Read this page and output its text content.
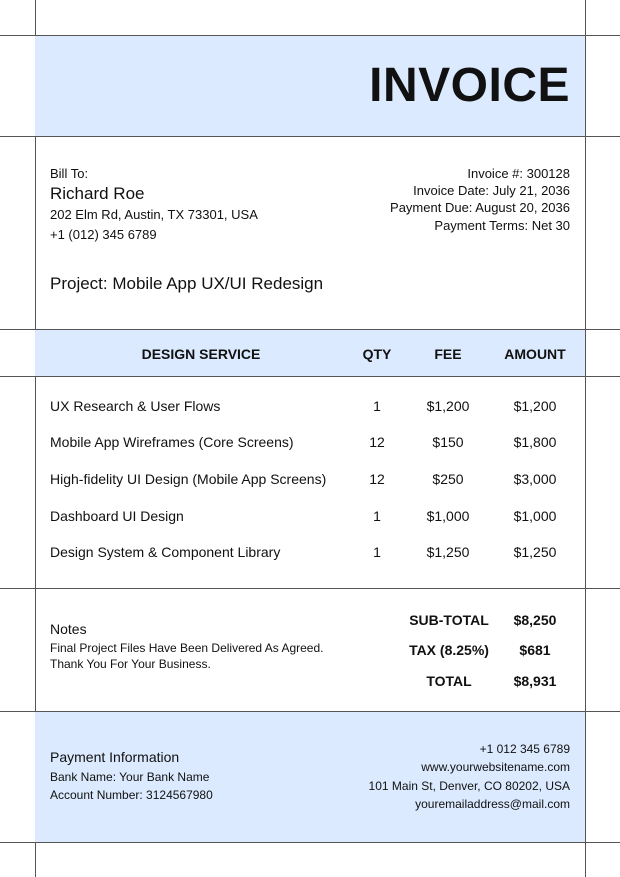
INVOICE
Bill To:
Richard Roe
202 Elm Rd, Austin, TX 73301, USA
+1 (012) 345 6789
Invoice #: 300128
Invoice Date: July 21, 2036
Payment Due: August 20, 2036
Payment Terms: Net 30
Project: Mobile App UX/UI Redesign
DESIGN SERVICE	QTY	FEE	AMOUNT
UX Research & User Flows	1	$1,200	$1,200
Mobile App Wireframes (Core Screens)	12	$150	$1,800
High-fidelity UI Design (Mobile App Screens)	12	$250	$3,000
Dashboard UI Design	1	$1,000	$1,000
Design System & Component Library	1	$1,250	$1,250
Notes
Final Project Files Have Been Delivered As Agreed.
Thank You For Your Business.
SUB-TOTAL	$8,250
TAX (8.25%)	$681
TOTAL	$8,931
Payment Information
Bank Name: Your Bank Name
Account Number: 3124567980
+1 012 345 6789
www.yourwebsitename.com
101 Main St, Denver, CO 80202, USA
youremailaddress@mail.com
